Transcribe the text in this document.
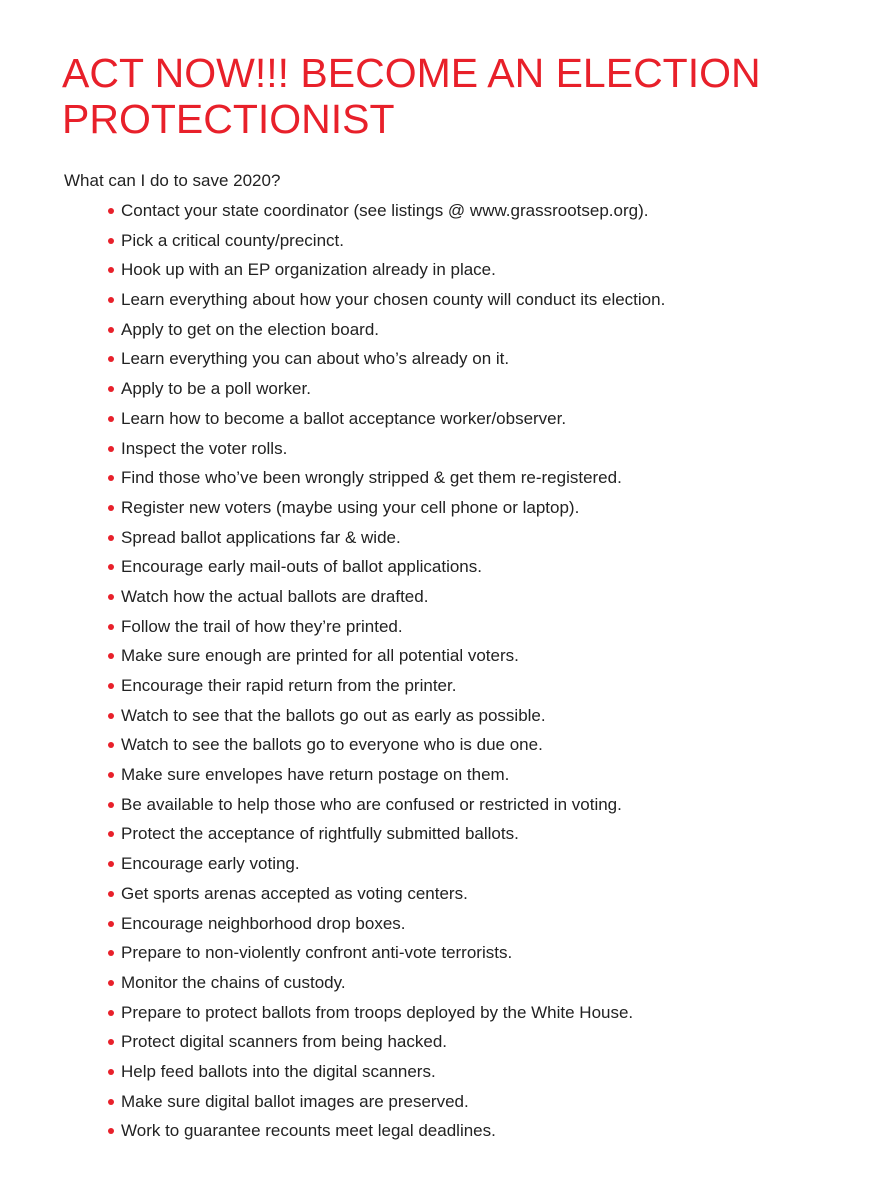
ACT NOW!!! BECOME AN ELECTION
PROTECTIONIST

What can I do to save 2020?

Contact your state coordinator (see listings @ www.grassrootsep.org).
Pick a critical county/precinct.
Hook up with an EP organization already in place.
Learn everything about how your chosen county will conduct its election.
Apply to get on the election board.
Learn everything you can about who’s already on it.
Apply to be a poll worker.
Learn how to become a ballot acceptance worker/observer.
Inspect the voter rolls.
Find those who’ve been wrongly stripped & get them re-registered.
Register new voters (maybe using your cell phone or laptop).
Spread ballot applications far & wide.
Encourage early mail-outs of ballot applications.
Watch how the actual ballots are drafted.
Follow the trail of how they’re printed.
Make sure enough are printed for all potential voters.
Encourage their rapid return from the printer.
Watch to see that the ballots go out as early as possible.
Watch to see the ballots go to everyone who is due one.
Make sure envelopes have return postage on them.
Be available to help those who are confused or restricted in voting.
Protect the acceptance of rightfully submitted ballots.
Encourage early voting.
Get sports arenas accepted as voting centers.
Encourage neighborhood drop boxes.
Prepare to non-violently confront anti-vote terrorists.
Monitor the chains of custody.
Prepare to protect ballots from troops deployed by the White House.
Protect digital scanners from being hacked.
Help feed ballots into the digital scanners.
Make sure digital ballot images are preserved.
Work to guarantee recounts meet legal deadlines.
